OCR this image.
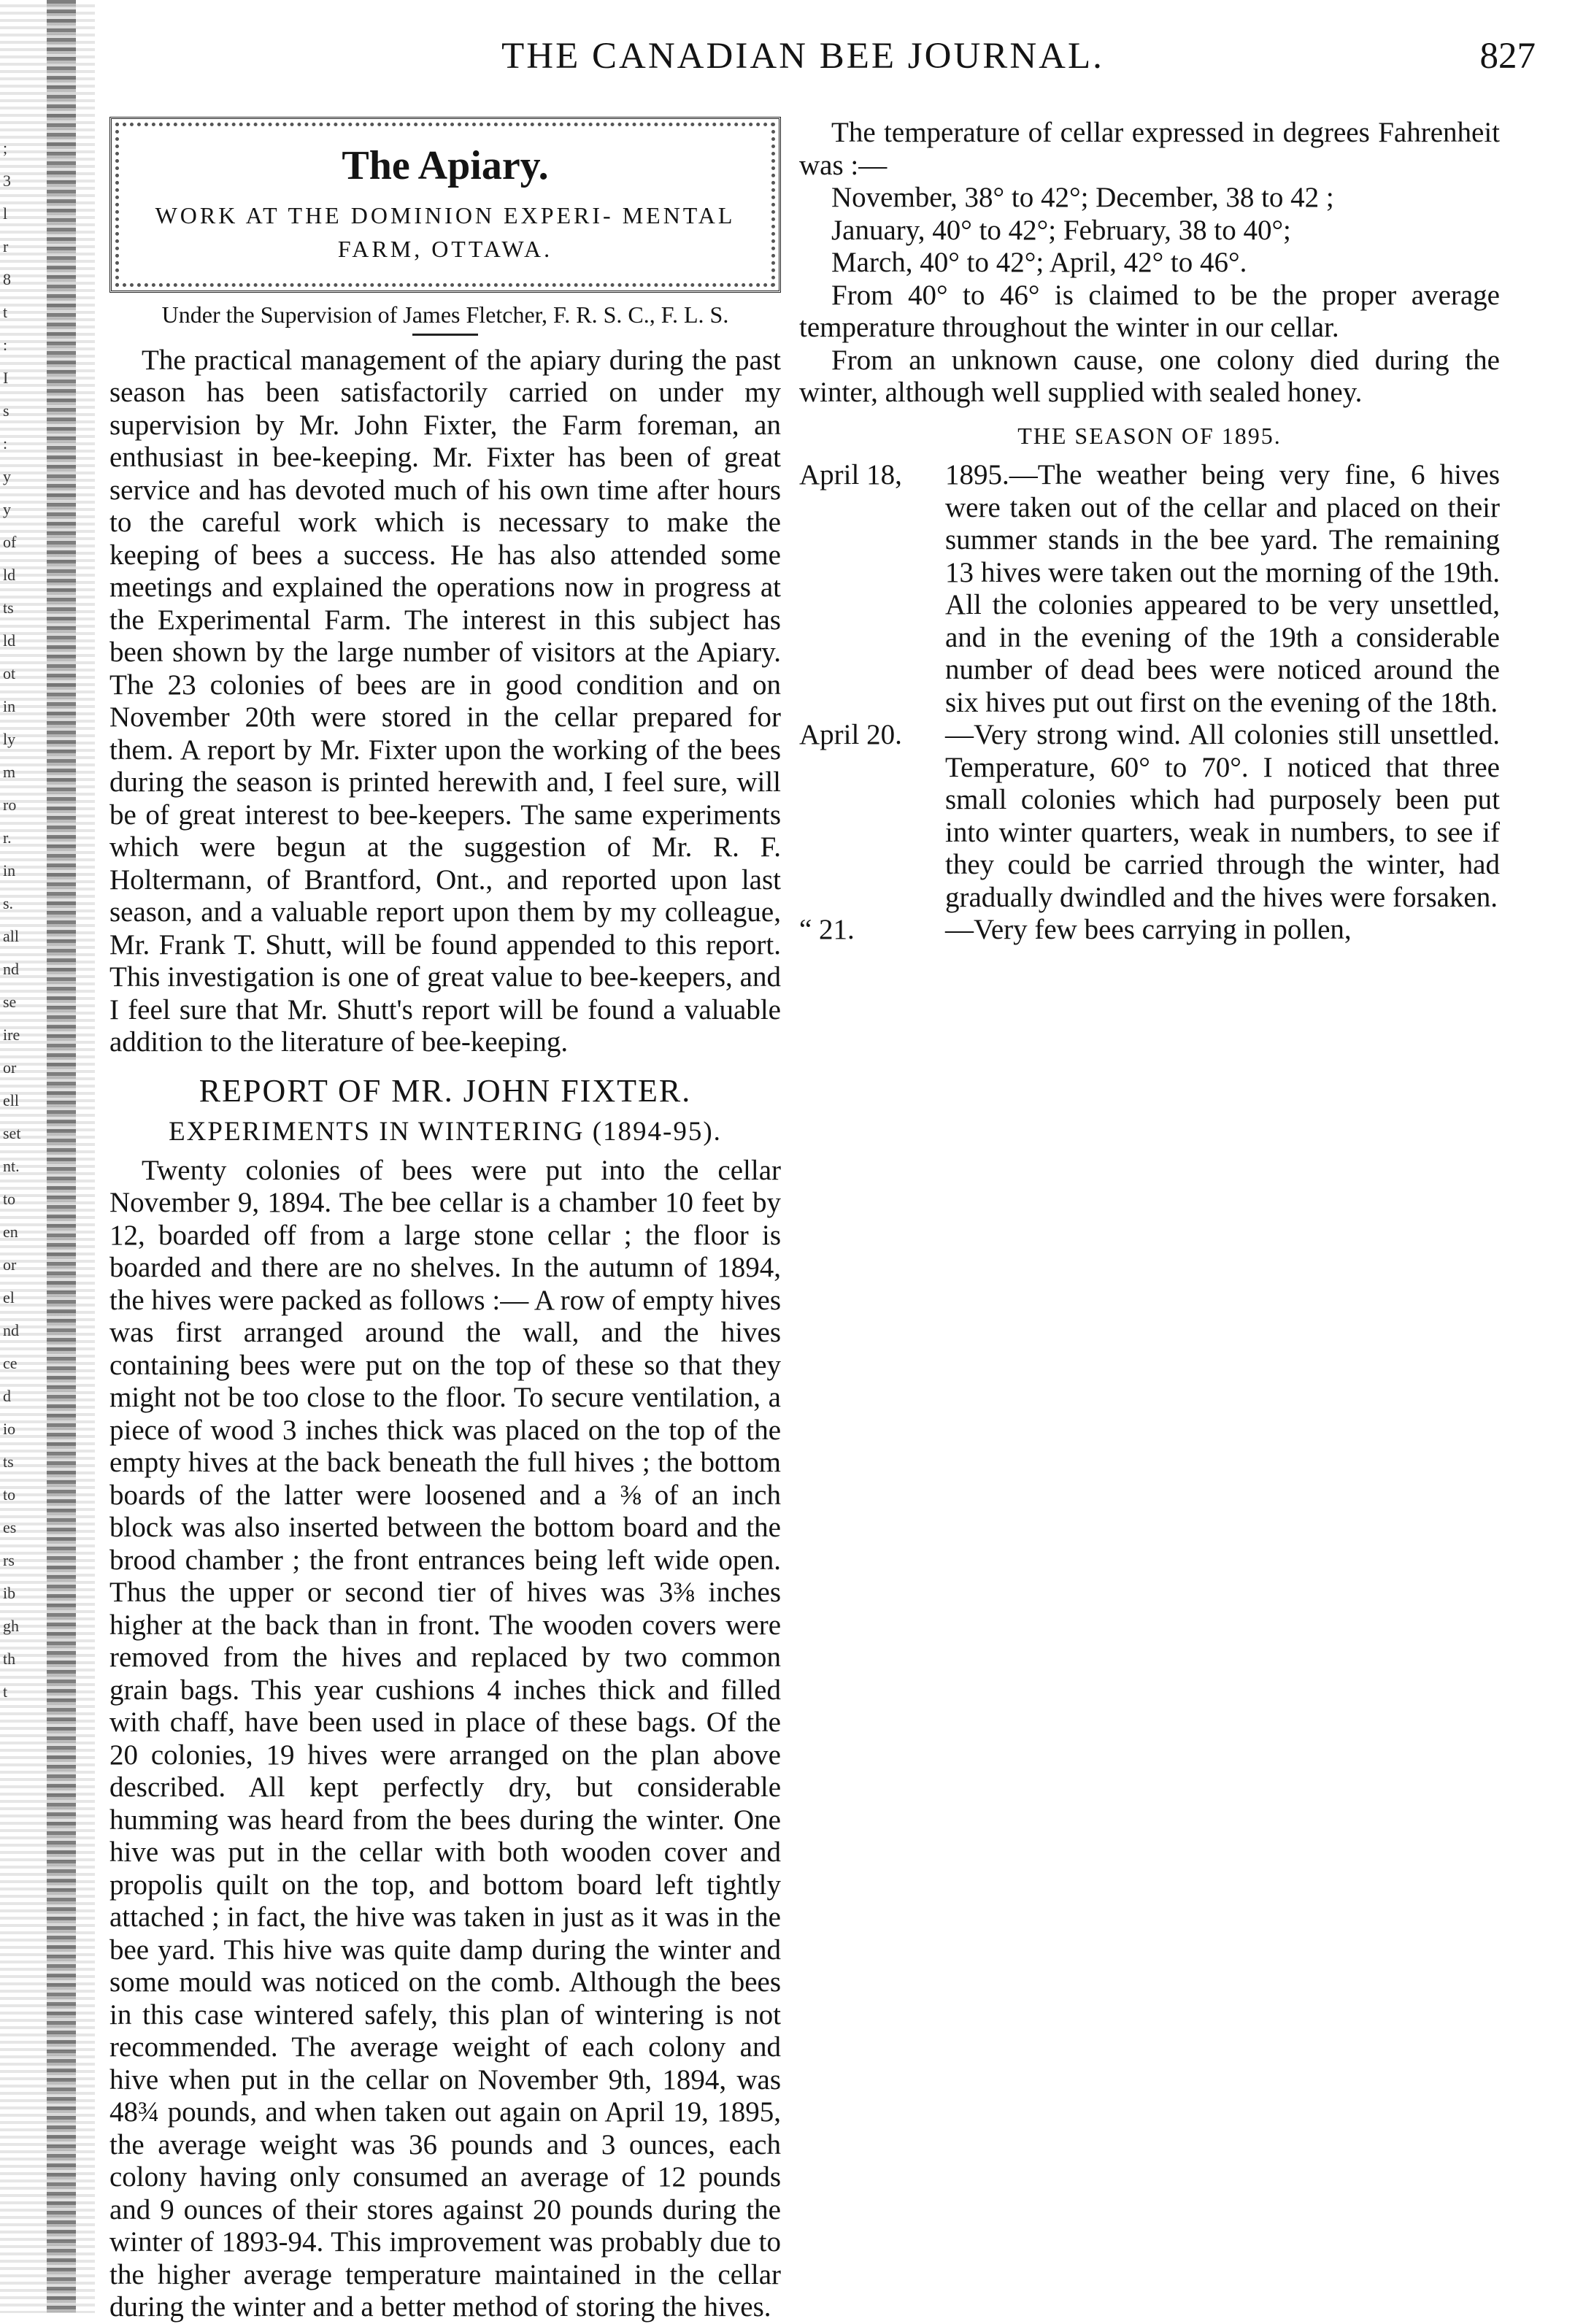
;
3
l
r
8
t
:
I
s
:
y
y
of
ld
ts
ld
ot
in
ly
m
ro
r.
in
s.
all
nd
se
ire
or
ell
set
nt.
to
en
or
el
nd
ce
d
io
ts
to
es
rs
ib
gh
th
t
THE CANADIAN BEE JOURNAL.	827
The Apiary.
WORK AT THE DOMINION EXPERI- MENTAL FARM, OTTAWA.
Under the Supervision of James Fletcher, F. R. S. C., F. L. S.

The practical management of the apiary during the past season has been satisfactorily carried on under my supervision by Mr. John Fixter, the Farm foreman, an enthusiast in bee-keeping. Mr. Fixter has been of great service and has devoted much of his own time after hours to the careful work which is necessary to make the keeping of bees a success. He has also attended some meetings and explained the operations now in progress at the Experimental Farm. The interest in this subject has been shown by the large number of visitors at the Apiary. The 23 colonies of bees are in good condition and on November 20th were stored in the cellar prepared for them. A report by Mr. Fixter upon the working of the bees during the season is printed herewith and, I feel sure, will be of great interest to bee-keepers. The same experiments which were begun at the suggestion of Mr. R. F. Holtermann, of Brantford, Ont., and reported upon last season, and a valuable report upon them by my colleague, Mr. Frank T. Shutt, will be found appended to this report. This investigation is one of great value to bee-keepers, and I feel sure that Mr. Shutt's report will be found a valuable addition to the literature of bee-keeping.

REPORT OF MR. JOHN FIXTER.
EXPERIMENTS IN WINTERING (1894-95).

Twenty colonies of bees were put into the cellar November 9, 1894. The bee cellar is a chamber 10 feet by 12, boarded off from a large stone cellar ; the floor is boarded and there are no shelves. In the autumn of 1894, the hives were packed as follows :— A row of empty hives was first arranged around the wall, and the hives containing bees were put on the top of these so that they might not be too close to the floor. To secure ventilation, a piece of wood 3 inches thick was placed on the top of the empty hives at the back beneath the full hives ; the bottom boards of the latter were loosened and a ⅜ of an inch block was also inserted between the bottom board and the brood chamber ; the front entrances being left wide open. Thus the upper or second tier of hives was 3⅜ inches higher at the back than in front. The wooden covers were removed from the hives and replaced by two common grain bags. This year cushions 4 inches thick and filled with chaff, have been used in place of these bags. Of the 20 colonies, 19 hives were arranged on the plan above described. All kept perfectly dry, but considerable humming was heard from the bees during the winter. One hive was put in the cellar with both wooden cover and propolis quilt on the top, and bottom board left tightly attached ; in fact, the hive was taken in just as it was in the bee yard. This hive was quite damp during the winter and some mould was noticed on the comb. Although the bees in this case wintered safely, this plan of wintering is not recommended. The average weight of each colony and hive when put in the cellar on November 9th, 1894, was 48¾ pounds, and when taken out again on April 19, 1895, the average weight was 36 pounds and 3 ounces, each colony having only consumed an average of 12 pounds and 9 ounces of their stores against 20 pounds during the winter of 1893-94. This improvement was probably due to the higher average temperature maintained in the cellar during the winter and a better method of storing the hives.

The temperature of cellar expressed in degrees Fahrenheit was :—

November, 38° to 42°; December, 38 to 42 ;
January, 40° to 42°; February, 38 to 40°;
March, 40° to 42°; April, 42° to 46°.

From 40° to 46° is claimed to be the proper average temperature throughout the winter in our cellar.

From an unknown cause, one colony died during the winter, although well supplied with sealed honey.

THE SEASON OF 1895.
April 18,	1895.—The weather being very fine, 6 hives were taken out of the cellar and placed on their summer stands in the bee yard. The remaining 13 hives were taken out the morning of the 19th. All the colonies appeared to be very unsettled, and in the evening of the 19th a considerable number of dead bees were noticed around the six hives put out first on the evening of the 18th.
April 20.	—Very strong wind. All colonies still unsettled. Temperature, 60° to 70°. I noticed that three small colonies which had purposely been put into winter quarters, weak in numbers, to see if they could be carried through the winter, had gradually dwindled and the hives were forsaken.
“ 21.	—Very few bees carrying in pollen,
